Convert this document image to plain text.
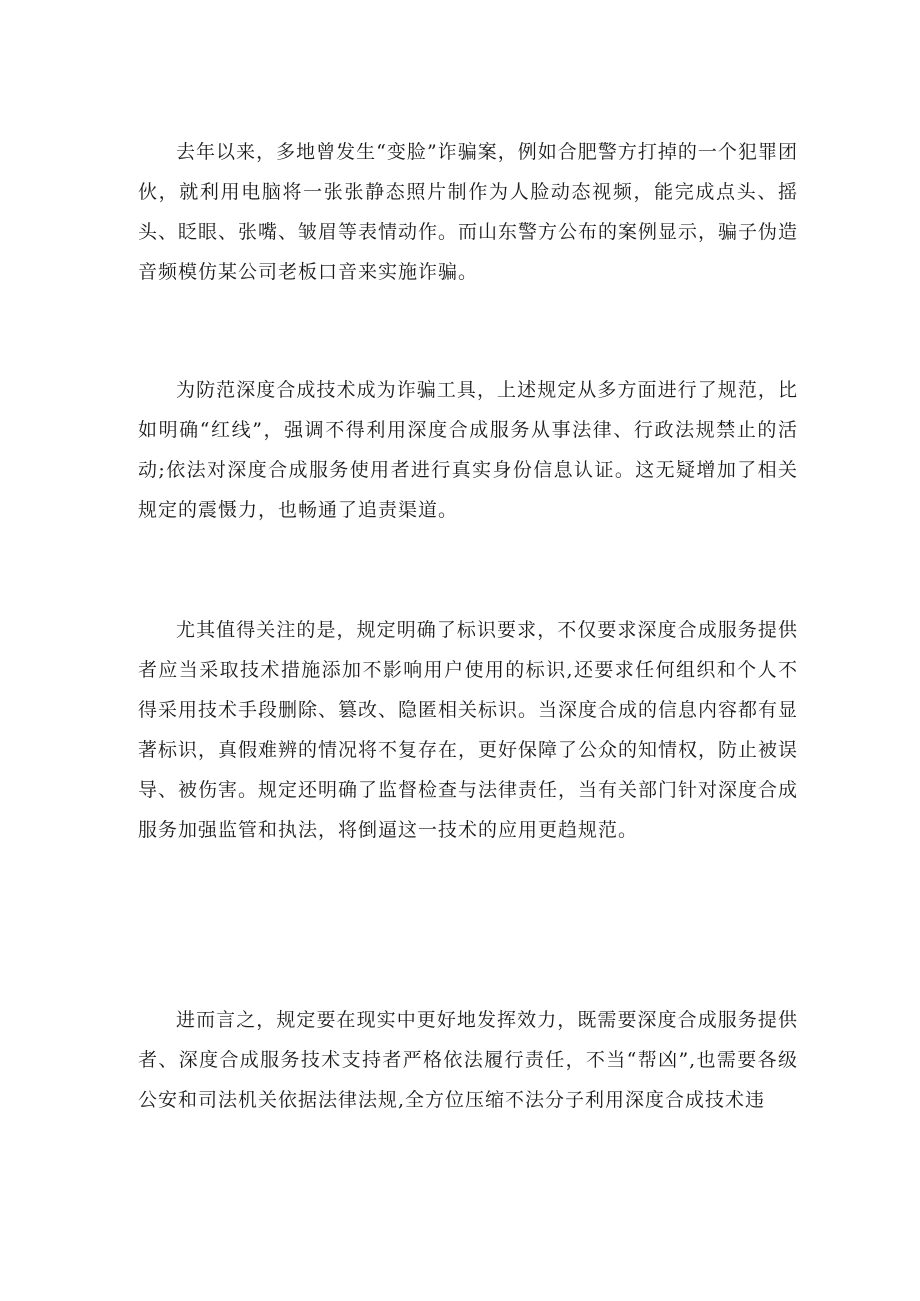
去年以来，多地曾发生“变脸”诈骗案，例如合肥警方打掉的一个犯罪团伙，就利用电脑将一张张静态照片制作为人脸动态视频，能完成点头、摇头、眨眼、张嘴、皱眉等表情动作。而山东警方公布的案例显示，骗子伪造音频模仿某公司老板口音来实施诈骗。

为防范深度合成技术成为诈骗工具，上述规定从多方面进行了规范，比如明确“红线”，强调不得利用深度合成服务从事法律、行政法规禁止的活动;依法对深度合成服务使用者进行真实身份信息认证。这无疑增加了相关规定的震慑力，也畅通了追责渠道。

尤其值得关注的是，规定明确了标识要求，不仅要求深度合成服务提供者应当采取技术措施添加不影响用户使用的标识,还要求任何组织和个人不得采用技术手段删除、篡改、隐匿相关标识。当深度合成的信息内容都有显著标识，真假难辨的情况将不复存在，更好保障了公众的知情权，防止被误导、被伤害。规定还明确了监督检查与法律责任，当有关部门针对深度合成服务加强监管和执法，将倒逼这一技术的应用更趋规范。

进而言之，规定要在现实中更好地发挥效力，既需要深度合成服务提供者、深度合成服务技术支持者严格依法履行责任，不当“帮凶”,也需要各级公安和司法机关依据法律法规,全方位压缩不法分子利用深度合成技术违
